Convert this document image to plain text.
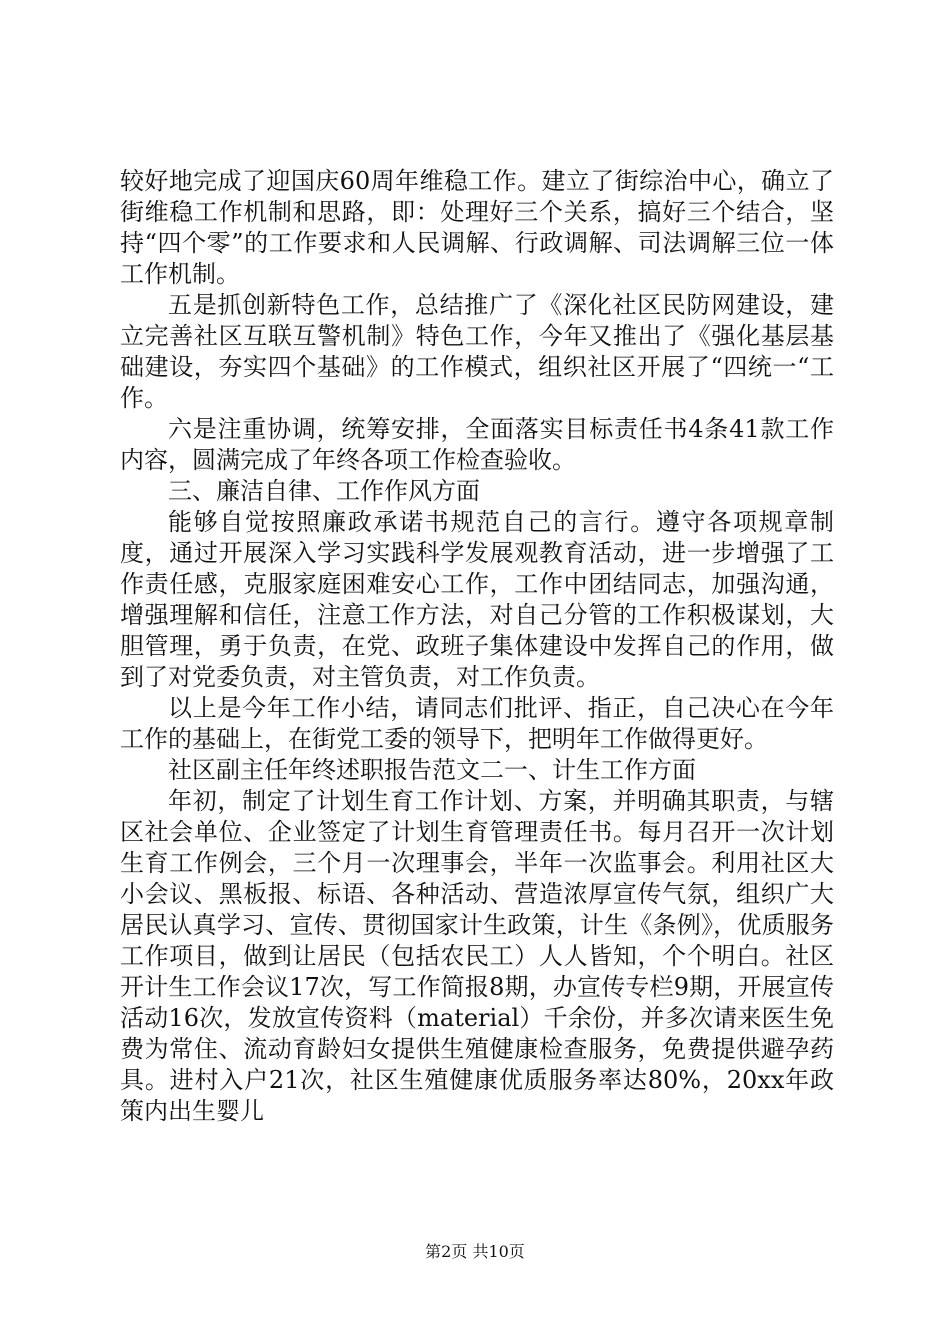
较好地完成了迎国庆60周年维稳工作。建立了街综治中心，确立了街维稳工作机制和思路，即：处理好三个关系，搞好三个结合，坚持“四个零”的工作要求和人民调解、行政调解、司法调解三位一体工作机制。

五是抓创新特色工作，总结推广了《深化社区民防网建设，建立完善社区互联互警机制》特色工作，今年又推出了《强化基层基础建设，夯实四个基础》的工作模式，组织社区开展了“四统一“工作。

六是注重协调，统筹安排，全面落实目标责任书4条41款工作内容，圆满完成了年终各项工作检查验收。

三、廉洁自律、工作作风方面

能够自觉按照廉政承诺书规范自己的言行。遵守各项规章制度，通过开展深入学习实践科学发展观教育活动，进一步增强了工作责任感，克服家庭困难安心工作，工作中团结同志，加强沟通，增强理解和信任，注意工作方法，对自己分管的工作积极谋划，大胆管理，勇于负责，在党、政班子集体建设中发挥自己的作用，做到了对党委负责，对主管负责，对工作负责。

以上是今年工作小结，请同志们批评、指正，自己决心在今年工作的基础上，在街党工委的领导下，把明年工作做得更好。

社区副主任年终述职报告范文二一、计生工作方面

年初，制定了计划生育工作计划、方案，并明确其职责，与辖区社会单位、企业签定了计划生育管理责任书。每月召开一次计划生育工作例会，三个月一次理事会，半年一次监事会。利用社区大小会议、黑板报、标语、各种活动、营造浓厚宣传气氛，组织广大居民认真学习、宣传、贯彻国家计生政策，计生《条例》，优质服务工作项目，做到让居民（包括农民工）人人皆知，个个明白。社区开计生工作会议17次，写工作简报8期，办宣传专栏9期，开展宣传活动16次，发放宣传资料（material）千余份，并多次请来医生免费为常住、流动育龄妇女提供生殖健康检查服务，免费提供避孕药具。进村入户21次，社区生殖健康优质服务率达80%，20xx年政策内出生婴儿

第2页 共10页
